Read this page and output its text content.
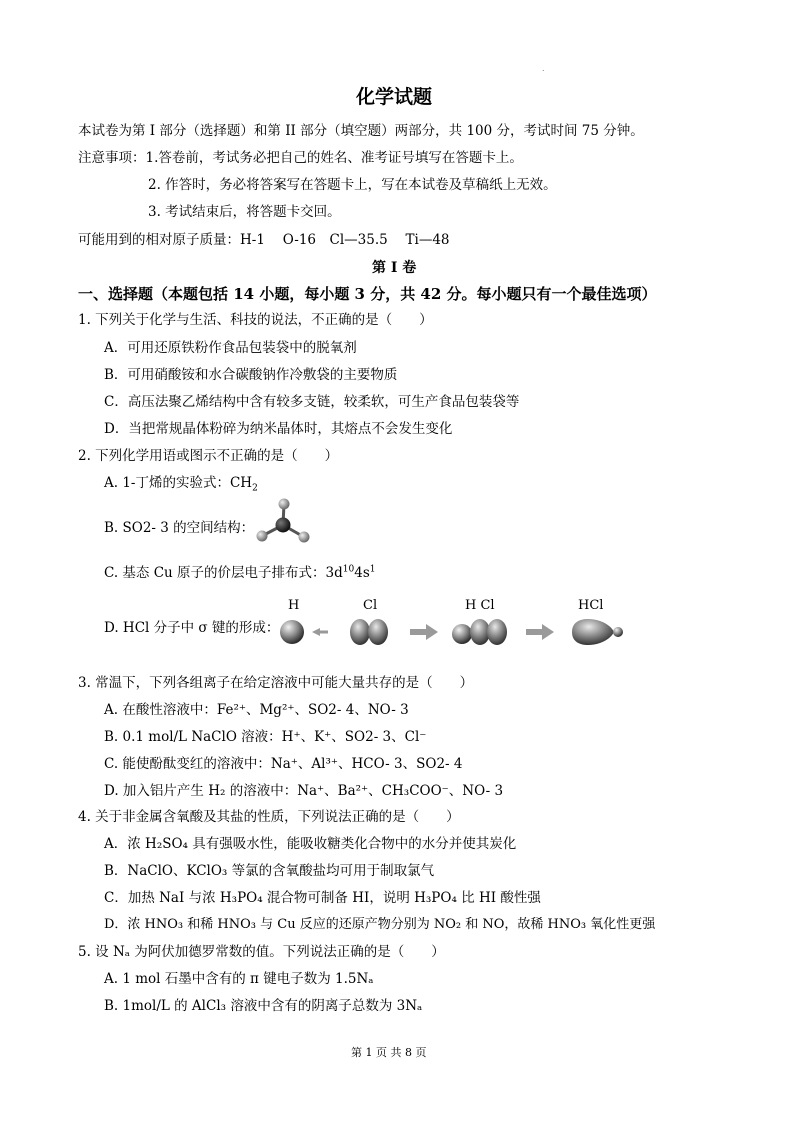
.
化学试题
本试卷为第 I 部分（选择题）和第 II 部分（填空题）两部分，共 100 分，考试时间 75 分钟。
注意事项：1.答卷前，考试务必把自己的姓名、准考证号填写在答题卡上。
2. 作答时，务必将答案写在答题卡上，写在本试卷及草稿纸上无效。
3. 考试结束后，将答题卡交回。
可能用到的相对原子质量：H-1　 O-16　Cl—35.5　 Ti—48
第 I 卷
一、选择题（本题包括 14 小题，每小题 3 分，共 42 分。每小题只有一个最佳选项）
1. 下列关于化学与生活、科技的说法，不正确的是（　　）
A．可用还原铁粉作食品包装袋中的脱氧剂
B．可用硝酸铵和水合碳酸钠作冷敷袋的主要物质
C．高压法聚乙烯结构中含有较多支链，较柔软，可生产食品包装袋等
D．当把常规晶体粉碎为纳米晶体时，其熔点不会发生变化
2. 下列化学用语或图示不正确的是（　　）
A. 1-丁烯的实验式：$CH_2$
B. SO2- 3 的空间结构：
C. 基态 Cu 原子的价层电子排布式：$3d^{10}4s^1$
D. HCl 分子中 σ 键的形成：
H	Cl	H Cl	HCl
3. 常温下，下列各组离子在给定溶液中可能大量共存的是（　　）
A. 在酸性溶液中：Fe²⁺、Mg²⁺、SO2- 4、NO- 3
B. 0.1 mol/L NaClO 溶液：H⁺、K⁺、SO2- 3、Cl⁻
C. 能使酚酞变红的溶液中：Na⁺、Al³⁺、HCO- 3、SO2- 4
D. 加入铝片产生 H₂ 的溶液中：Na⁺、Ba²⁺、CH₃COO⁻、NO- 3
4. 关于非金属含氧酸及其盐的性质，下列说法正确的是（　　）
A．浓 H₂SO₄ 具有强吸水性，能吸收糖类化合物中的水分并使其炭化
B．NaClO、KClO₃ 等氯的含氧酸盐均可用于制取氯气
C．加热 NaI 与浓 H₃PO₄ 混合物可制备 HI，说明 H₃PO₄ 比 HI 酸性强
D．浓 HNO₃ 和稀 HNO₃ 与 Cu 反应的还原产物分别为 NO₂ 和 NO，故稀 HNO₃ 氧化性更强
5. 设 Nₐ 为阿伏加德罗常数的值。下列说法正确的是（　　）
A. 1 mol 石墨中含有的 π 键电子数为 1.5Nₐ
B. 1mol/L 的 AlCl₃ 溶液中含有的阴离子总数为 3Nₐ
第 1 页 共 8 页
